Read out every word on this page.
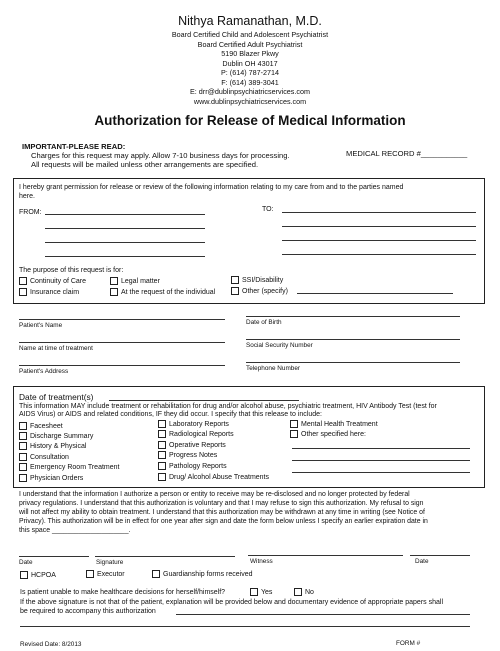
Nithya Ramanathan, M.D.
Board Certified Child and Adolescent Psychiatrist
Board Certified Adult Psychiatrist
5190 Blazer Pkwy
Dublin OH 43017
P: (614) 787-2714
F: (614) 389-3041
E: drr@dublinpsychiatricservices.com
www.dublinpsychiatricservices.com
Authorization for Release of Medical Information
IMPORTANT-PLEASE READ:
Charges for this request may apply. Allow 7-10 business days for processing.
All requests will be mailed unless other arrangements are specified.
MEDICAL RECORD #___________
I hereby grant permission for release or review of the following information relating to my care from and to the parties named
here.
FROM:	TO:
The purpose of this request is for:
Continuity of Care	Legal matter	SSI/Disability
Insurance claim	At the request of the individual	Other (specify)
Patient's Name	Date of Birth
Name at time of treatment	Social Security Number
Patient's Address	Telephone Number
Date of treatment(s)
This information MAY include treatment or rehabilitation for drug and/or alcohol abuse, psychiatric treatment, HIV Antibody Test (test for
AIDS Virus) or AIDS and related conditions, IF they did occur. I specify that this release to include:
Facesheet
Discharge Summary
History & Physical
Consultation
Emergency Room Treatment
Physician Orders
Laboratory Reports
Radiological Reports
Operative Reports
Progress Notes
Pathology Reports
Drug/ Alcohol Abuse Treatments
Mental Health Treatment
Other specified here:
I understand that the information I authorize a person or entity to receive may be re-disclosed and no longer protected by federal
privacy regulations. I understand that this authorization is voluntary and that I may refuse to sign this authorization. My refusal to sign
will not affect my ability to obtain treatment. I understand that this authorization may be withdrawn at any time in writing (see Notice of
Privacy). This authorization will be in effect for one year after sign and date the form below unless I specify an earlier expiration date in
this space ____________________.
Date	Signature	Witness	Date
HCPOA	Executor	Guardianship forms received
Is patient unable to make healthcare decisions for herself/himself?	Yes	No
If the above signature is not that of the patient, explanation will be provided below and documentary evidence of appropriate papers shall
be required to accompany this authorization
Revised Date: 8/2013	FORM #
